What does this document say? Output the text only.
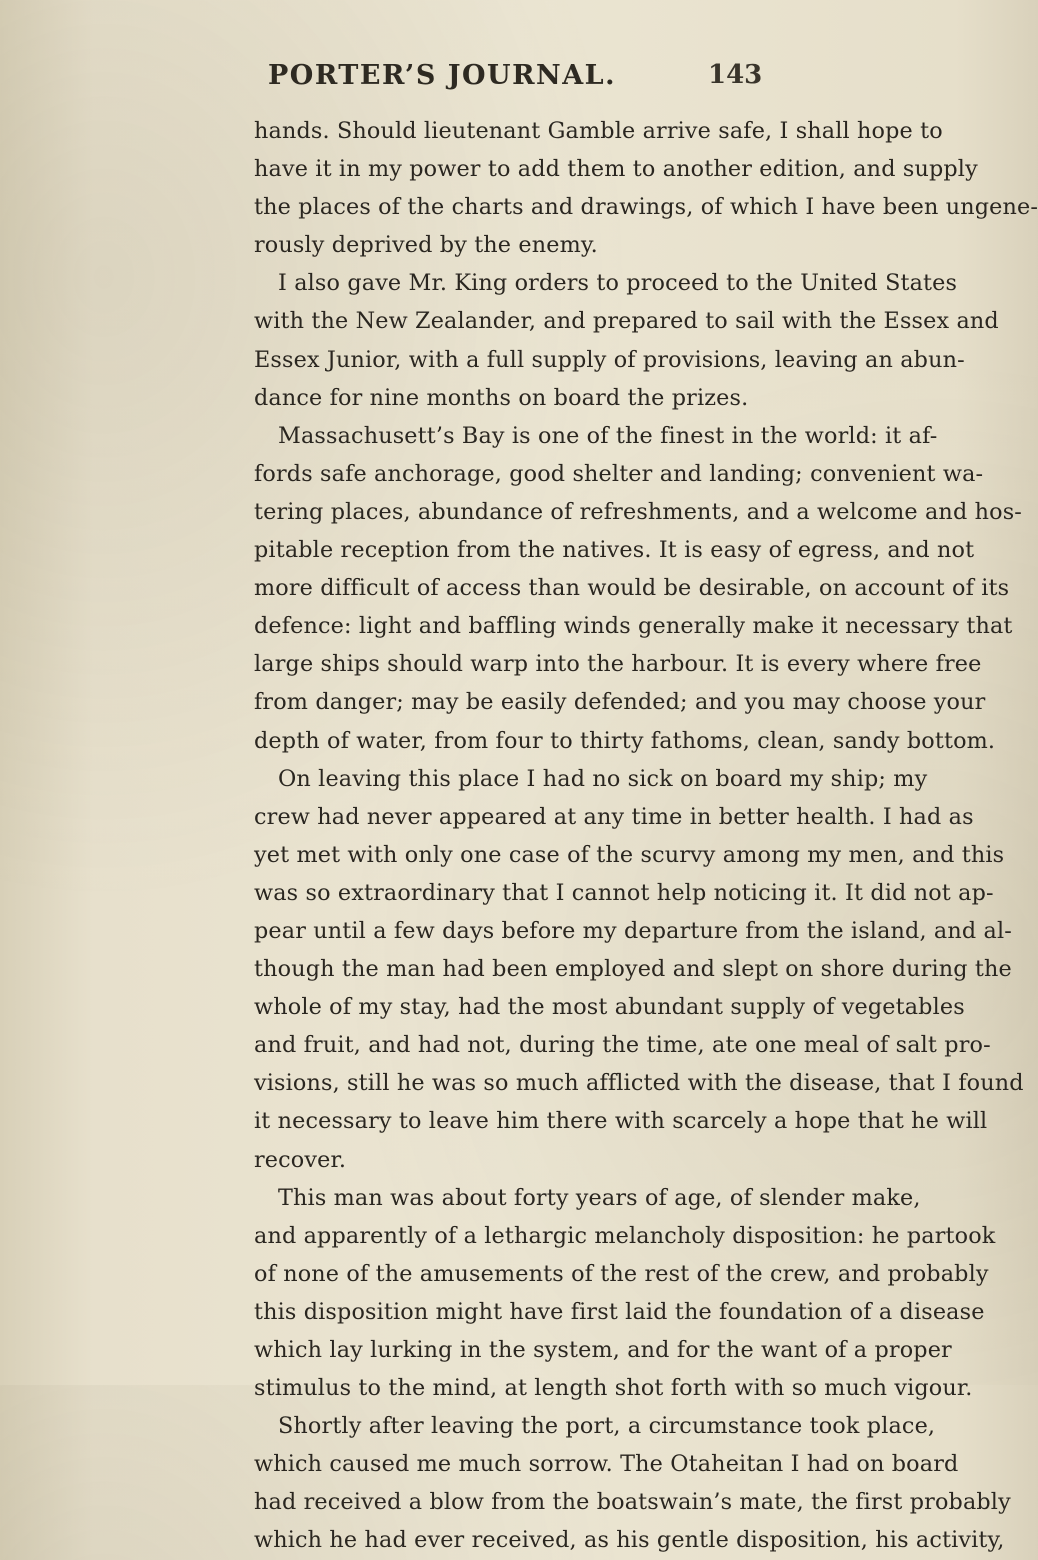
PORTER’S JOURNAL.	143
hands. Should lieutenant Gamble arrive safe, I shall hope to
have it in my power to add them to another edition, and supply
the places of the charts and drawings, of which I have been ungene-
rously deprived by the enemy.
I also gave Mr. King orders to proceed to the United States
with the New Zealander, and prepared to sail with the Essex and
Essex Junior, with a full supply of provisions, leaving an abun-
dance for nine months on board the prizes.
Massachusett’s Bay is one of the finest in the world: it af-
fords safe anchorage, good shelter and landing; convenient wa-
tering places, abundance of refreshments, and a welcome and hos-
pitable reception from the natives. It is easy of egress, and not
more difficult of access than would be desirable, on account of its
defence: light and baffling winds generally make it necessary that
large ships should warp into the harbour. It is every where free
from danger; may be easily defended; and you may choose your
depth of water, from four to thirty fathoms, clean, sandy bottom.
On leaving this place I had no sick on board my ship; my
crew had never appeared at any time in better health. I had as
yet met with only one case of the scurvy among my men, and this
was so extraordinary that I cannot help noticing it. It did not ap-
pear until a few days before my departure from the island, and al-
though the man had been employed and slept on shore during the
whole of my stay, had the most abundant supply of vegetables
and fruit, and had not, during the time, ate one meal of salt pro-
visions, still he was so much afflicted with the disease, that I found
it necessary to leave him there with scarcely a hope that he will
recover.
This man was about forty years of age, of slender make,
and apparently of a lethargic melancholy disposition: he partook
of none of the amusements of the rest of the crew, and probably
this disposition might have first laid the foundation of a disease
which lay lurking in the system, and for the want of a proper
stimulus to the mind, at length shot forth with so much vigour.
Shortly after leaving the port, a circumstance took place,
which caused me much sorrow. The Otaheitan I had on board
had received a blow from the boatswain’s mate, the first probably
which he had ever received, as his gentle disposition, his activity,
